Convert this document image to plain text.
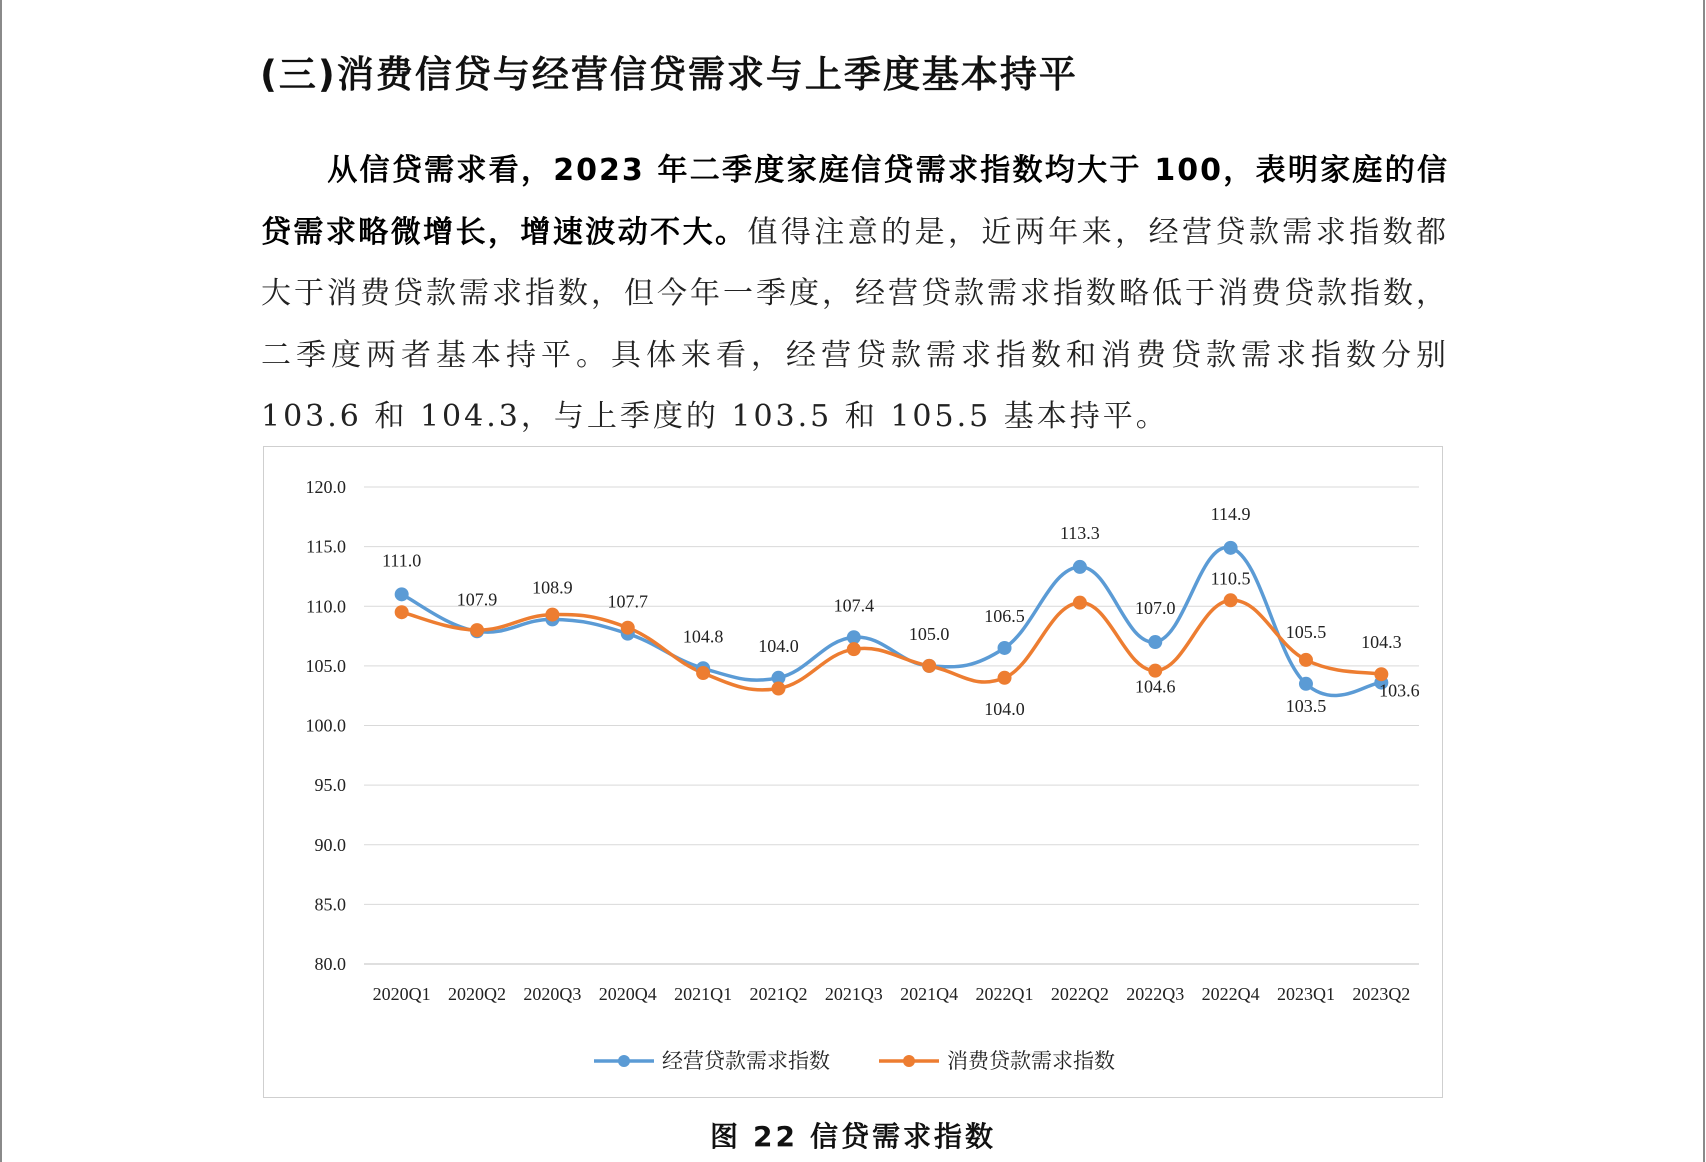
(三)消费信贷与经营信贷需求与上季度基本持平
从信贷需求看，2023 年二季度家庭信贷需求指数均大于 100，表明家庭的信贷需求略微增长，增速波动不大。值得注意的是，近两年来，经营贷款需求指数都大于消费贷款需求指数，但今年一季度，经营贷款需求指数略低于消费贷款指数，二季度两者基本持平。具体来看，经营贷款需求指数和消费贷款需求指数分别 103.6 和 104.3，与上季度的 103.5 和 105.5 基本持平。
120.0
115.0
110.0
105.0
100.0
95.0
90.0
85.0
80.0
2020Q1 2020Q2 2020Q3 2020Q4 2021Q1 2021Q2 2021Q3 2021Q4 2022Q1 2022Q2 2022Q3 2022Q4 2023Q1 2023Q2
111.0
107.9
108.9
107.7
104.8 104.0
107.4
105.0
106.5
113.3
107.0
114.9
103.5
103.6
104.0
104.6
110.5
105.5
104.3
经营贷款需求指数	消费贷款需求指数
图 22 信贷需求指数
